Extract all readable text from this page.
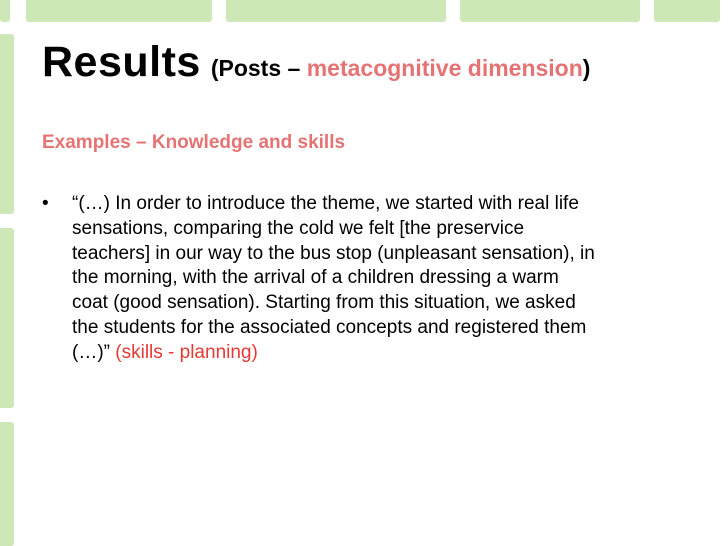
Results (Posts – metacognitive dimension)
Examples – Knowledge and skills
• “(…) In order to introduce the theme, we started with real life
sensations, comparing the cold we felt [the preservice
teachers] in our way to the bus stop (unpleasant sensation), in
the morning, with the arrival of a children dressing a warm
coat (good sensation). Starting from this situation, we asked
the students for the associated concepts and registered them
(…)” (skills - planning)
